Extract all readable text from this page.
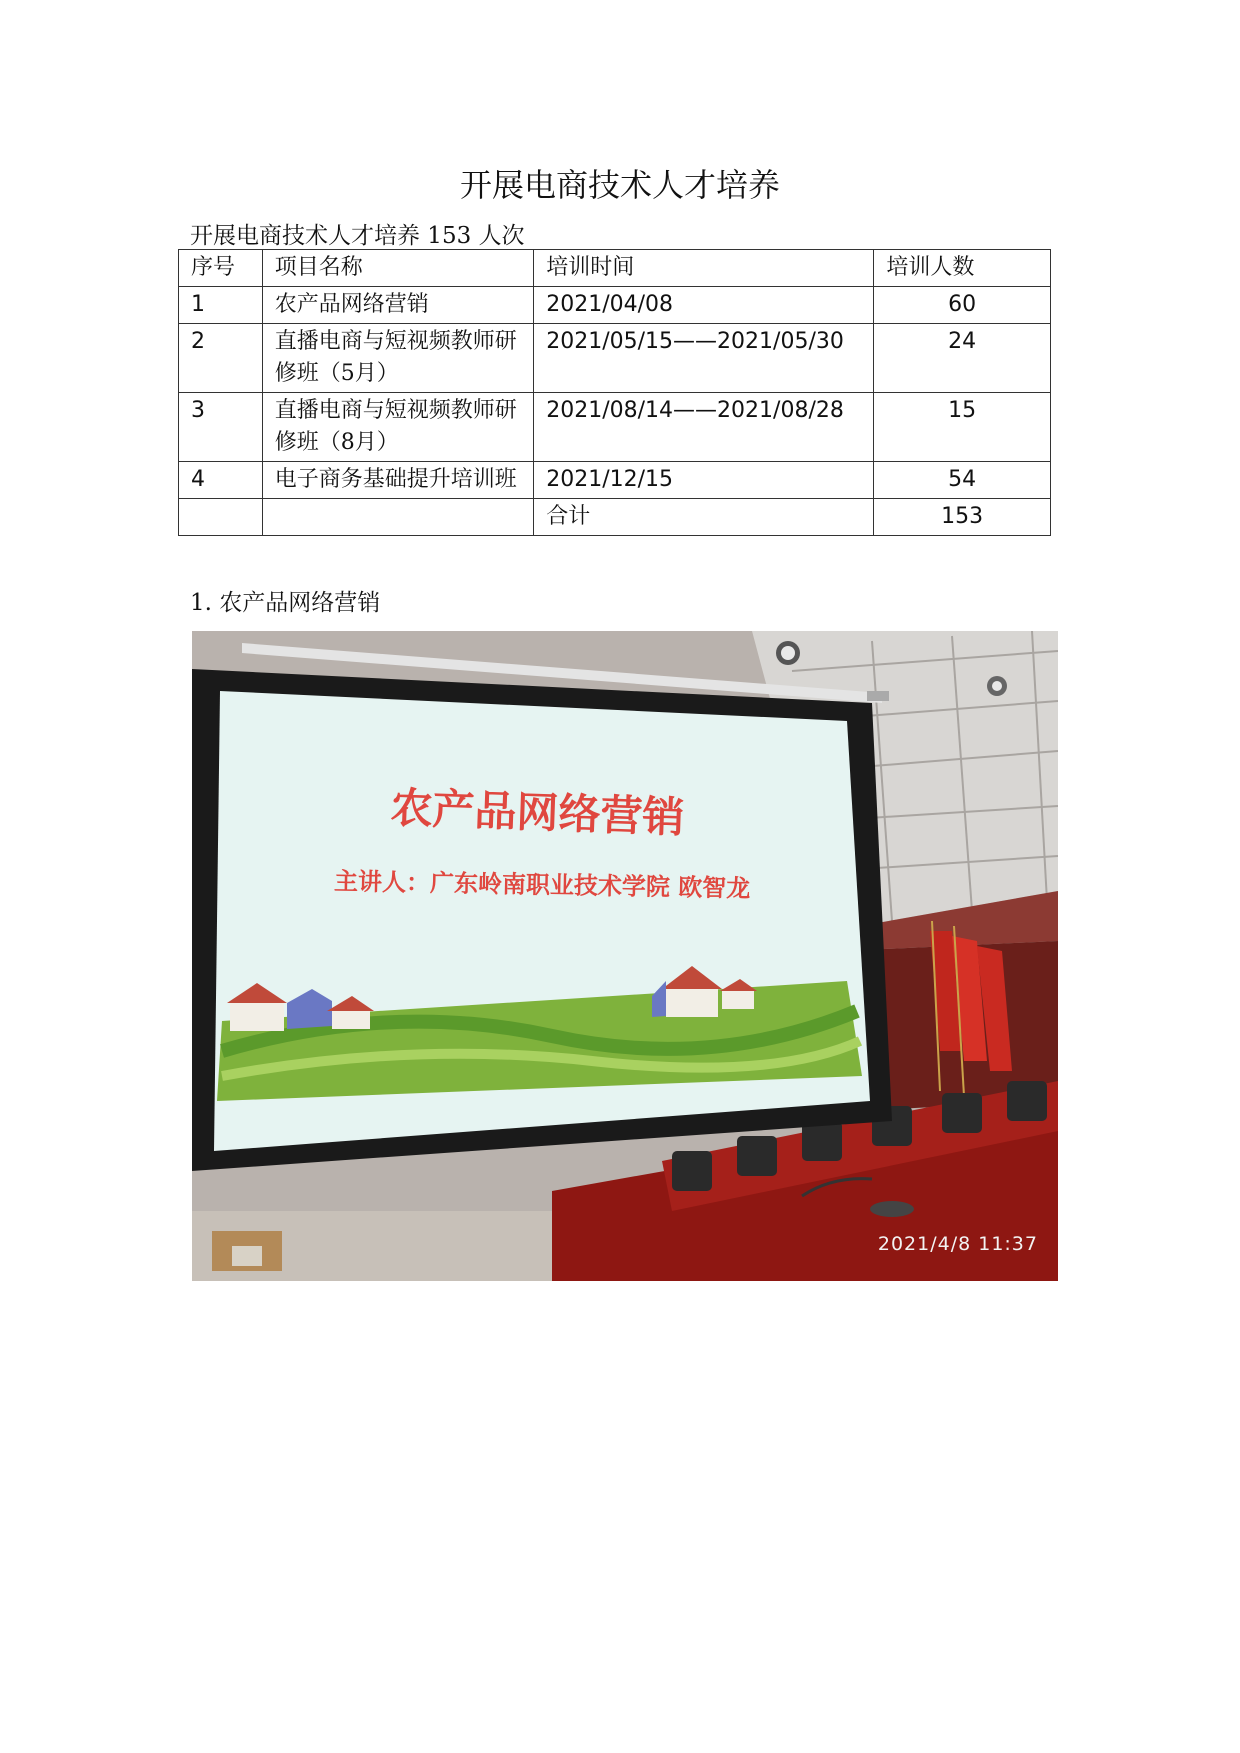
开展电商技术人才培养
开展电商技术人才培养 153 人次
序号	项目名称	培训时间	培训人数
1	农产品网络营销	2021/04/08	60
2	直播电商与短视频教师研修班（5月）	2021/05/15——2021/05/30	24
3	直播电商与短视频教师研修班（8月）	2021/08/14——2021/08/28	15
4	电子商务基础提升培训班	2021/12/15	54
		合计	153
1. 农产品网络营销
农产品网络营销
主讲人：广东岭南职业技术学院 欧智龙
2021/4/8 11:37
